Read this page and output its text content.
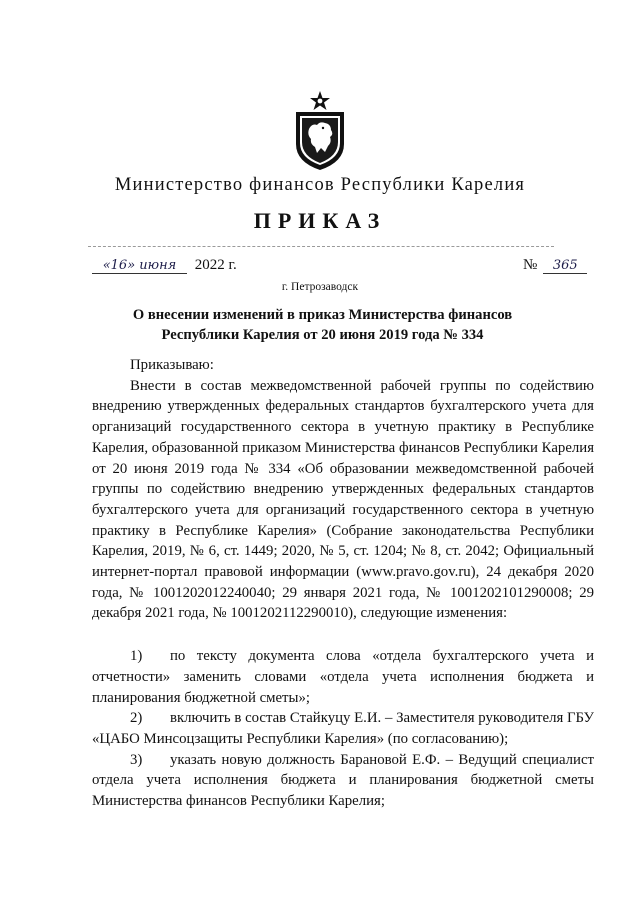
Министерство финансов Республики Карелия
ПРИКАЗ
«16» июня 2022 г.	№ 365
г. Петрозаводск
О внесении изменений в приказ Министерства финансов Республики Карелия от 20 июня 2019 года № 334

Приказываю:

Внести в состав межведомственной рабочей группы по содействию внедрению утвержденных федеральных стандартов бухгалтерского учета для организаций государственного сектора в учетную практику в Республике Карелия, образованной приказом Министерства финансов Республики Карелия от 20 июня 2019 года № 334 «Об образовании межведомственной рабочей группы по содействию внедрению утвержденных федеральных стандартов бухгалтерского учета для организаций государственного сектора в учетную практику в Республике Карелия» (Собрание законодательства Республики Карелия, 2019, № 6, ст. 1449; 2020, № 5, ст. 1204; № 8, ст. 2042; Официальный интернет-портал правовой информации (www.pravo.gov.ru), 24 декабря 2020 года, № 1001202012240040; 29 января 2021 года, № 1001202101290008; 29 декабря 2021 года, № 1001202112290010), следующие изменения:

1) по тексту документа слова «отдела бухгалтерского учета и отчетности» заменить словами «отдела учета исполнения бюджета и планирования бюджетной сметы»;

2) включить в состав Стайкуцу Е.И. – Заместителя руководителя ГБУ «ЦАБО Минсоцзащиты Республики Карелия» (по согласованию);

3) указать новую должность Барановой Е.Ф. – Ведущий специалист отдела учета исполнения бюджета и планирования бюджетной сметы Министерства финансов Республики Карелия;
